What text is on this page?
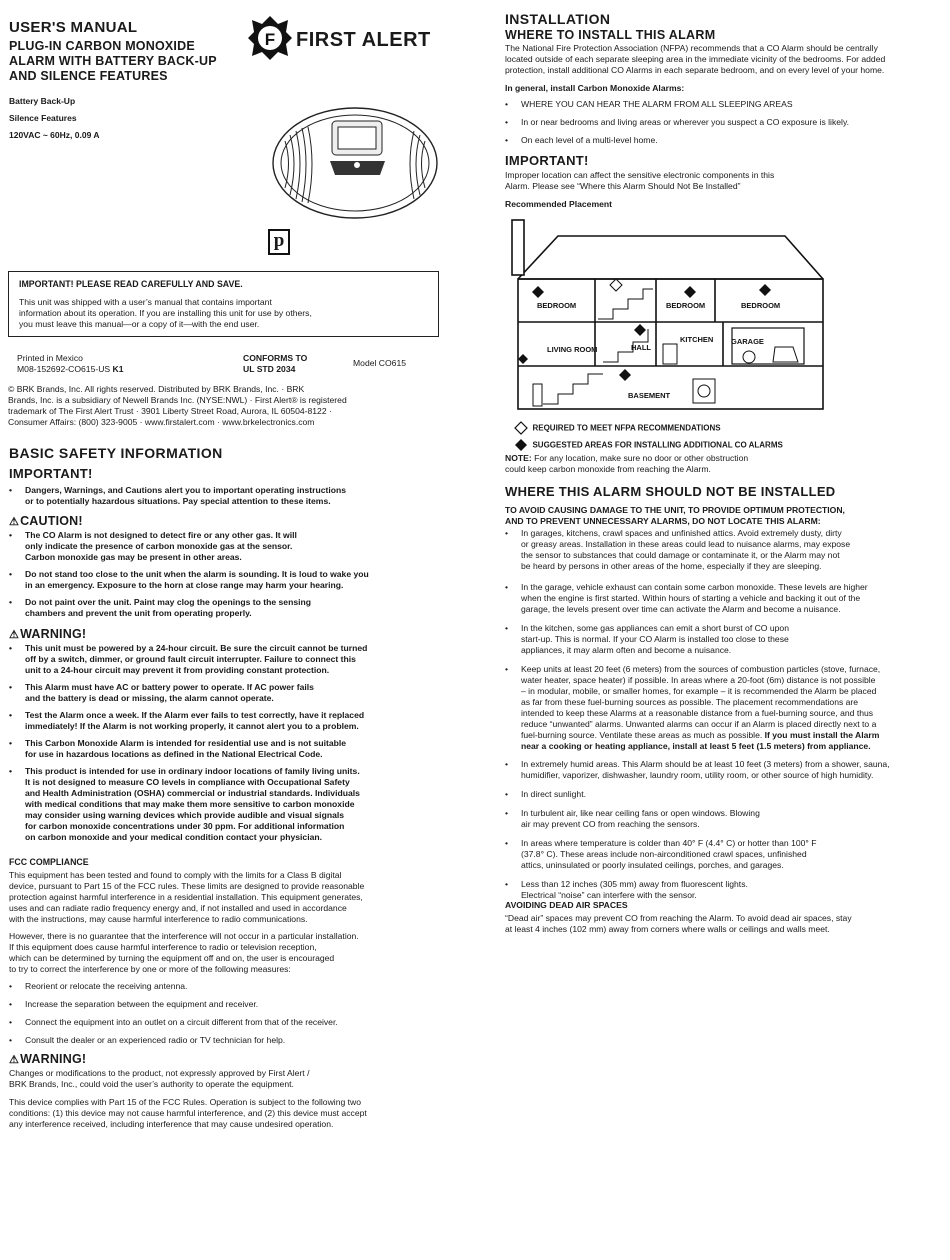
USER'S MANUAL
PLUG-IN CARBON MONOXIDE ALARM WITH BATTERY BACK-UP AND SILENCE FEATURES
Battery Back-Up
Silence Features
120VAC ~ 60Hz, 0.09 A
F FIRST ALERT
p
IMPORTANT! PLEASE READ CAREFULLY AND SAVE.
This unit was shipped with a user’s manual that contains important
information about its operation. If you are installing this unit for use by others,
you must leave this manual—or a copy of it—with the end user.
Printed in Mexico
M08-152692-CO615-US K1
CONFORMS TO
UL STD 2034
Model CO615
© BRK Brands, Inc. All rights reserved. Distributed by BRK Brands, Inc. · BRK
Brands, Inc. is a subsidiary of Newell Brands Inc. (NYSE:NWL) · First Alert® is registered
trademark of The First Alert Trust · 3901 Liberty Street Road, Aurora, IL 60504-8122 ·
Consumer Affairs: (800) 323-9005 · www.firstalert.com · www.brkelectronics.com
BASIC SAFETY INFORMATION
IMPORTANT!
• Dangers, Warnings, and Cautions alert you to important operating instructions
or to potentially hazardous situations. Pay special attention to these items.
⚠CAUTION!
• The CO Alarm is not designed to detect fire or any other gas. It will
only indicate the presence of carbon monoxide gas at the sensor.
Carbon monoxide gas may be present in other areas.
• Do not stand too close to the unit when the alarm is sounding. It is loud to wake you
in an emergency. Exposure to the horn at close range may harm your hearing.
• Do not paint over the unit. Paint may clog the openings to the sensing
chambers and prevent the unit from operating properly.
⚠WARNING!
• This unit must be powered by a 24-hour circuit. Be sure the circuit cannot be turned
off by a switch, dimmer, or ground fault circuit interrupter. Failure to connect this
unit to a 24-hour circuit may prevent it from providing constant protection.
• This Alarm must have AC or battery power to operate. If AC power fails
and the battery is dead or missing, the alarm cannot operate.
• Test the Alarm once a week. If the Alarm ever fails to test correctly, have it replaced
immediately! If the Alarm is not working properly, it cannot alert you to a problem.
• This Carbon Monoxide Alarm is intended for residential use and is not suitable
for use in hazardous locations as defined in the National Electrical Code.
• This product is intended for use in ordinary indoor locations of family living units.
It is not designed to measure CO levels in compliance with Occupational Safety
and Health Administration (OSHA) commercial or industrial standards. Individuals
with medical conditions that may make them more sensitive to carbon monoxide
may consider using warning devices which provide audible and visual signals
for carbon monoxide concentrations under 30 ppm. For additional information
on carbon monoxide and your medical condition contact your physician.
FCC COMPLIANCE
This equipment has been tested and found to comply with the limits for a Class B digital
device, pursuant to Part 15 of the FCC rules. These limits are designed to provide reasonable
protection against harmful interference in a residential installation. This equipment generates,
uses and can radiate radio frequency energy and, if not installed and used in accordance
with the instructions, may cause harmful interference to radio communications.
However, there is no guarantee that the interference will not occur in a particular installation.
If this equipment does cause harmful interference to radio or television reception,
which can be determined by turning the equipment off and on, the user is encouraged
to try to correct the interference by one or more of the following measures:
• Reorient or relocate the receiving antenna.
• Increase the separation between the equipment and receiver.
• Connect the equipment into an outlet on a circuit different from that of the receiver.
• Consult the dealer or an experienced radio or TV technician for help.
⚠WARNING!
Changes or modifications to the product, not expressly approved by First Alert /
BRK Brands, Inc., could void the user’s authority to operate the equipment.
This device complies with Part 15 of the FCC Rules. Operation is subject to the following two
conditions: (1) this device may not cause harmful interference, and (2) this device must accept
any interference received, including interference that may cause undesired operation.
INSTALLATION
WHERE TO INSTALL THIS ALARM
The National Fire Protection Association (NFPA) recommends that a CO Alarm should be centrally
located outside of each separate sleeping area in the immediate vicinity of the bedrooms. For added
protection, install additional CO Alarms in each separate bedroom, and on every level of your home.
In general, install Carbon Monoxide Alarms:
• WHERE YOU CAN HEAR THE ALARM FROM ALL SLEEPING AREAS
• In or near bedrooms and living areas or wherever you suspect a CO exposure is likely.
• On each level of a multi-level home.
IMPORTANT!
Improper location can affect the sensitive electronic components in this
Alarm. Please see “Where this Alarm Should Not Be Installed”
Recommended Placement
BEDROOM	BEDROOM	BEDROOM
LIVING ROOM	HALL
KITCHEN GARAGE
BASEMENT
REQUIRED TO MEET NFPA RECOMMENDATIONS
SUGGESTED AREAS FOR INSTALLING ADDITIONAL CO ALARMS
NOTE: For any location, make sure no door or other obstruction
could keep carbon monoxide from reaching the Alarm.
WHERE THIS ALARM SHOULD NOT BE INSTALLED
TO AVOID CAUSING DAMAGE TO THE UNIT, TO PROVIDE OPTIMUM PROTECTION,
AND TO PREVENT UNNECESSARY ALARMS, DO NOT LOCATE THIS ALARM:
• In garages, kitchens, crawl spaces and unfinished attics. Avoid extremely dusty, dirty
or greasy areas. Installation in these areas could lead to nuisance alarms, may expose
the sensor to substances that could damage or contaminate it, or the Alarm may not
be heard by persons in other areas of the home, especially if they are sleeping.
• In the garage, vehicle exhaust can contain some carbon monoxide. These levels are higher
when the engine is first started. Within hours of starting a vehicle and backing it out of the
garage, the levels present over time can activate the Alarm and become a nuisance.
• In the kitchen, some gas appliances can emit a short burst of CO upon
start-up. This is normal. If your CO Alarm is installed too close to these
appliances, it may alarm often and become a nuisance.
• Keep units at least 20 feet (6 meters) from the sources of combustion particles (stove, furnace,
water heater, space heater) if possible. In areas where a 20-foot (6m) distance is not possible
– in modular, mobile, or smaller homes, for example – it is recommended the Alarm be placed
as far from these fuel-burning sources as possible. The placement recommendations are
intended to keep these Alarms at a reasonable distance from a fuel-burning source, and thus
reduce “unwanted” alarms. Unwanted alarms can occur if an Alarm is placed directly next to a
fuel-burning source. Ventilate these areas as much as possible. If you must install the Alarm
near a cooking or heating appliance, install at least 5 feet (1.5 meters) from appliance.
• In extremely humid areas. This Alarm should be at least 10 feet (3 meters) from a shower, sauna,
humidifier, vaporizer, dishwasher, laundry room, utility room, or other source of high humidity.
• In direct sunlight.
• In turbulent air, like near ceiling fans or open windows. Blowing
air may prevent CO from reaching the sensors.
• In areas where temperature is colder than 40° F (4.4° C) or hotter than 100° F
(37.8° C). These areas include non-airconditioned crawl spaces, unfinished
attics, uninsulated or poorly insulated ceilings, porches, and garages.
• Less than 12 inches (305 mm) away from fluorescent lights.
Electrical “noise” can interfere with the sensor.
AVOIDING DEAD AIR SPACES
“Dead air” spaces may prevent CO from reaching the Alarm. To avoid dead air spaces, stay
at least 4 inches (102 mm) away from corners where walls or ceilings and walls meet.
